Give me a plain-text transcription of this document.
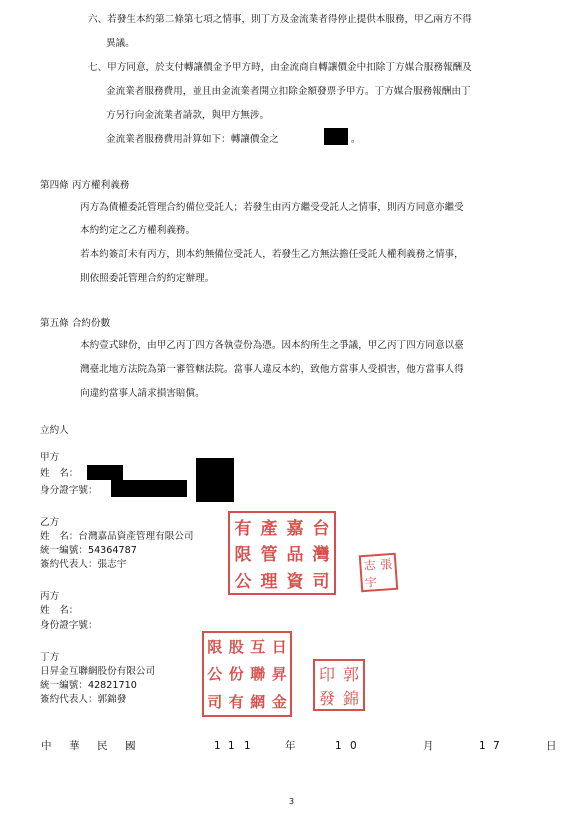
六、若發生本約第二條第七項之情事，則丁方及金流業者得停止提供本服務，甲乙兩方不得
異議。
七、甲方同意，於支付轉讓價金予甲方時，由金流商自轉讓價金中扣除丁方媒合服務報酬及
金流業者服務費用，並且由金流業者開立扣除金額發票予甲方。丁方媒合服務報酬由丁
方另行向金流業者請款，與甲方無涉。
金流業者服務費用計算如下：轉讓價金之	。
第四條 丙方權利義務
丙方為債權委託管理合約備位受託人；若發生由丙方繼受受託人之情事，則丙方同意亦繼受
本約約定之乙方權利義務。
若本約簽訂未有丙方，則本約無備位受託人，若發生乙方無法擔任受託人權利義務之情事，
則依照委託管理合約約定辦理。
第五條 合約份數
本約壹式肆份，由甲乙丙丁四方各執壹份為憑。因本約所生之爭議，甲乙丙丁四方同意以臺
灣臺北地方法院為第一審管轄法院。當事人違反本約，致他方當事人受損害，他方當事人得
向違約當事人請求損害賠償。
立約人
甲方
姓　名：
身分證字號：
乙方
姓　名：台灣嘉品資產管理有限公司
統一編號：54364787
簽約代表人：張志宇
有 產 嘉 台
限 管 品 灣
公 理 資 司
志 張
宇
丙方
姓　名：
身份證字號：
丁方
日昇金互聯網股份有限公司
統一編號：42821710
簽約代表人：郭錦發
限 股 互 日
公 份 聯 昇
司 有 網 金
印 郭
發 錦
中 華 民 國	1 1 1	年	1 0	月	1 7	日
3
